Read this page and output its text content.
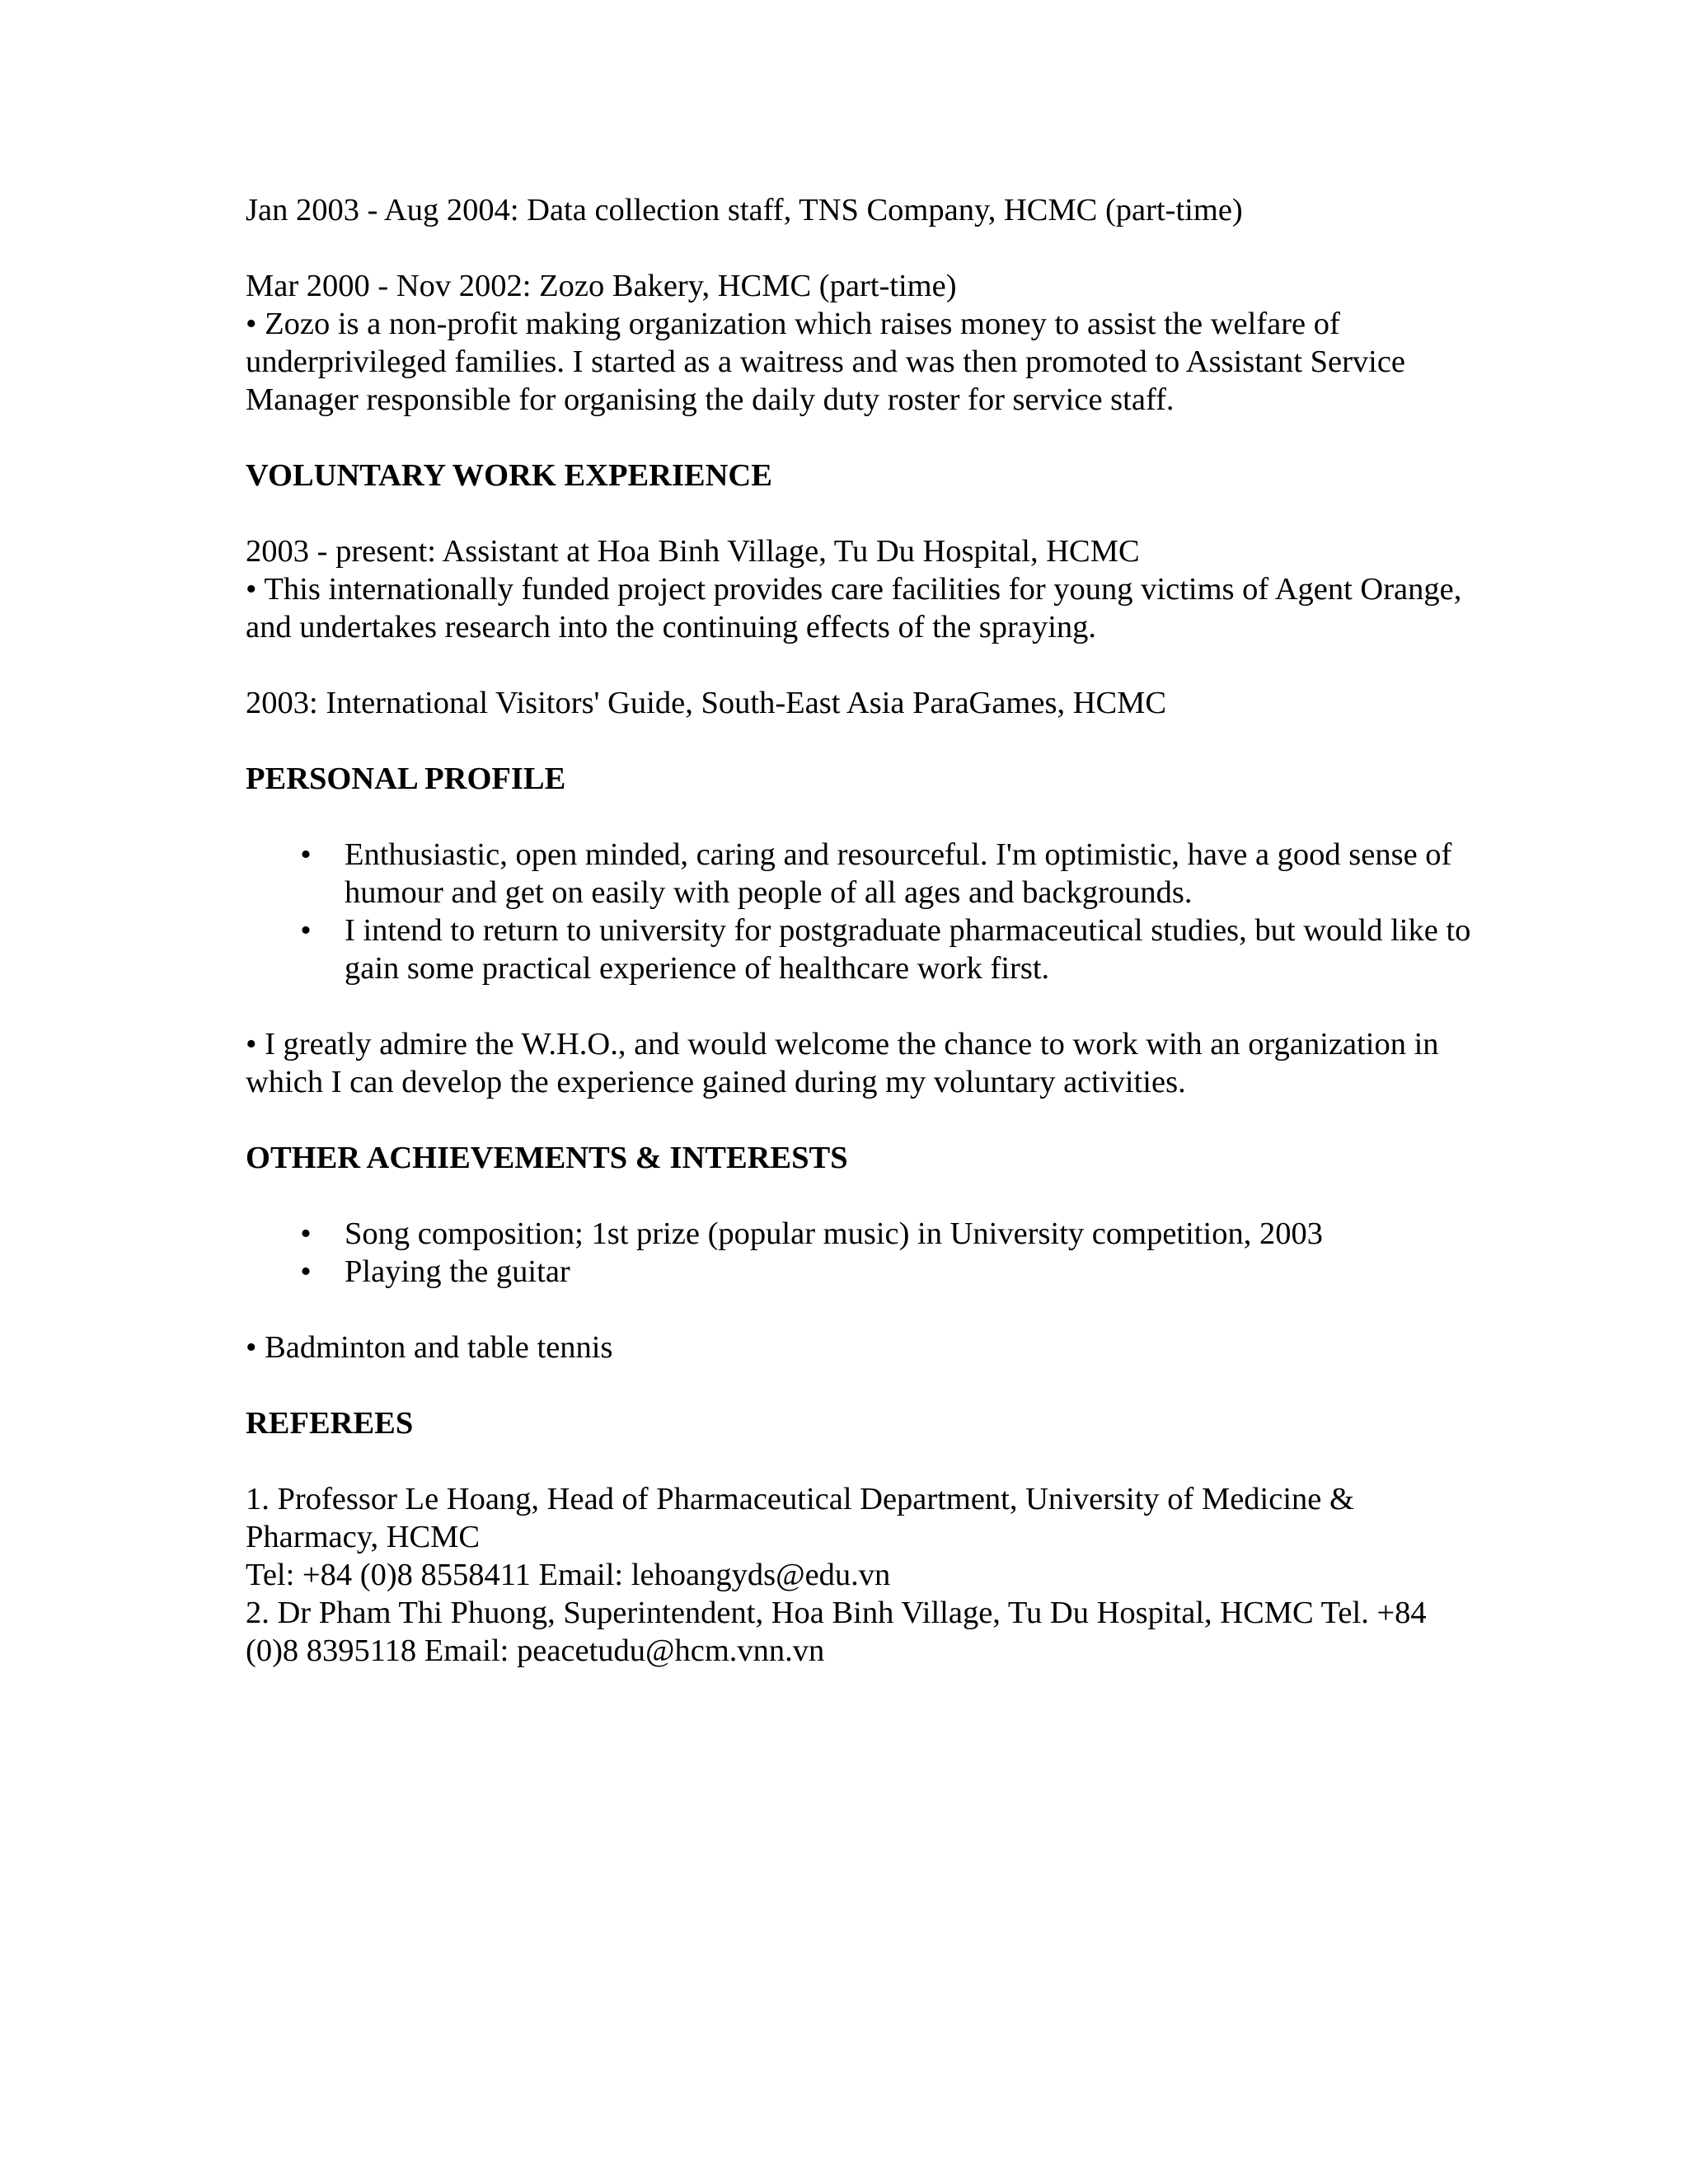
Jan 2003 - Aug 2004: Data collection staff, TNS Company, HCMC (part-time)

Mar 2000 - Nov 2002: Zozo Bakery, HCMC (part-time)

• Zozo is a non-profit making organization which raises money to assist the welfare of underprivileged families. I started as a waitress and was then promoted to Assistant Service Manager responsible for organising the daily duty roster for service staff.

VOLUNTARY WORK EXPERIENCE

2003 - present: Assistant at Hoa Binh Village, Tu Du Hospital, HCMC

• This internationally funded project provides care facilities for young victims of Agent Orange, and undertakes research into the continuing effects of the spraying.

2003: International Visitors' Guide, South-East Asia ParaGames, HCMC

PERSONAL PROFILE

• Enthusiastic, open minded, caring and resourceful. I'm optimistic, have a good sense of humour and get on easily with people of all ages and backgrounds.
• I intend to return to university for postgraduate pharmaceutical studies, but would like to gain some practical experience of healthcare work first.

• I greatly admire the W.H.O., and would welcome the chance to work with an organization in which I can develop the experience gained during my voluntary activities.

OTHER ACHIEVEMENTS & INTERESTS

• Song composition; 1st prize (popular music) in University competition, 2003
• Playing the guitar

• Badminton and table tennis

REFEREES

1. Professor Le Hoang, Head of Pharmaceutical Department, University of Medicine & Pharmacy, HCMC

Tel: +84 (0)8 8558411 Email: lehoangyds@edu.vn

2. Dr Pham Thi Phuong, Superintendent, Hoa Binh Village, Tu Du Hospital, HCMC Tel. +84 (0)8 8395118 Email: peacetudu@hcm.vnn.vn
